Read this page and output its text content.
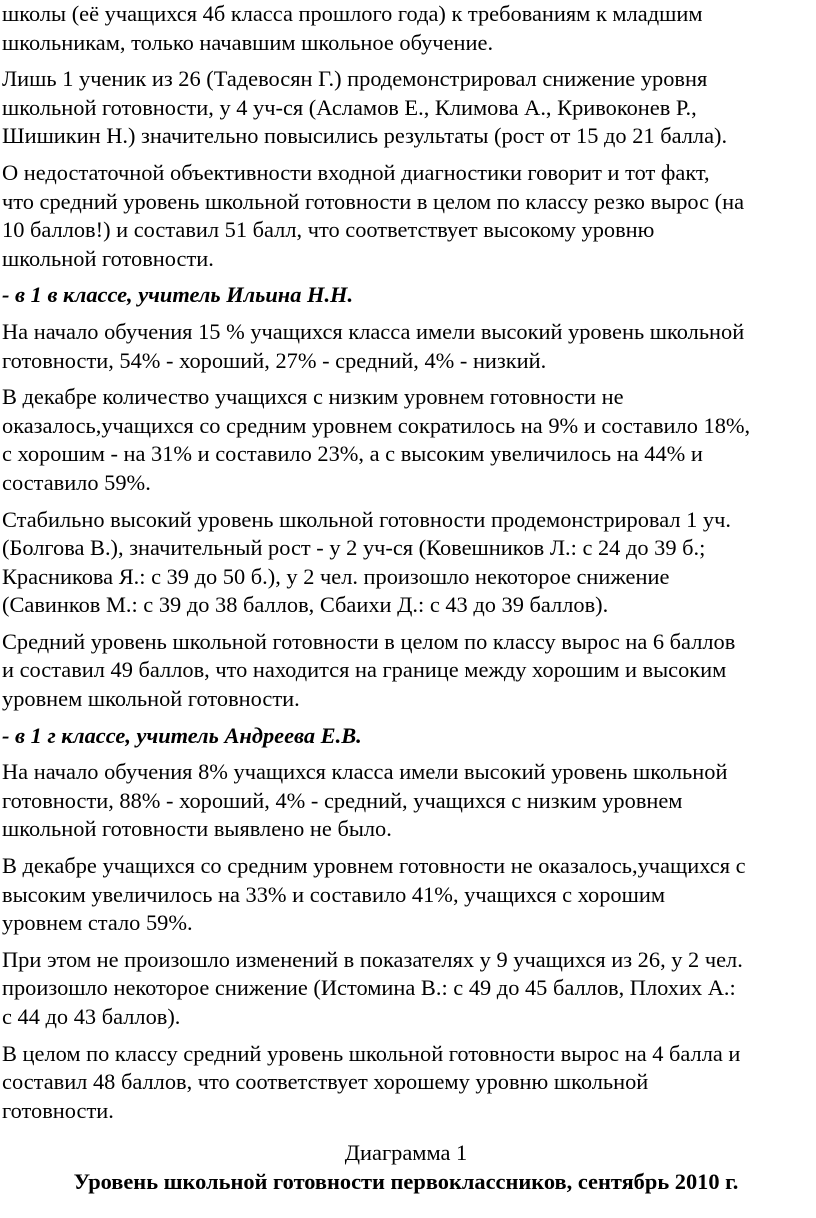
школы (её учащихся 4б класса прошлого года) к требованиям к младшим
школьникам, только начавшим школьное обучение.

Лишь 1 ученик из 26 (Тадевосян Г.) продемонстрировал снижение уровня
школьной готовности, у 4 уч-ся (Асламов Е., Климова А., Кривоконев Р.,
Шишикин Н.) значительно повысились результаты (рост от 15 до 21 балла).

О недостаточной объективности входной диагностики говорит и тот факт,
что средний уровень школьной готовности в целом по классу резко вырос (на
10 баллов!) и составил 51 балл, что соответствует высокому уровню
школьной готовности.

- в 1 в классе, учитель Ильина Н.Н.

На начало обучения 15 % учащихся класса имели высокий уровень школьной
готовности, 54% - хороший, 27% - средний, 4% - низкий.

В декабре количество учащихся с низким уровнем готовности не
оказалось,учащихся со средним уровнем сократилось на 9% и составило 18%,
с хорошим - на 31% и составило 23%, а с высоким увеличилось на 44% и
составило 59%.

Стабильно высокий уровень школьной готовности продемонстрировал 1 уч.
(Болгова В.), значительный рост - у 2 уч-ся (Ковешников Л.: с 24 до 39 б.;
Красникова Я.: с 39 до 50 б.), у 2 чел. произошло некоторое снижение
(Савинков М.: с 39 до 38 баллов, Сбаихи Д.: с 43 до 39 баллов).

Средний уровень школьной готовности в целом по классу вырос на 6 баллов
и составил 49 баллов, что находится на границе между хорошим и высоким
уровнем школьной готовности.

- в 1 г классе, учитель Андреева Е.В.

На начало обучения 8% учащихся класса имели высокий уровень школьной
готовности, 88% - хороший, 4% - средний, учащихся с низким уровнем
школьной готовности выявлено не было.

В декабре учащихся со средним уровнем готовности не оказалось,учащихся с
высоким увеличилось на 33% и составило 41%, учащихся с хорошим
уровнем стало 59%.

При этом не произошло изменений в показателях у 9 учащихся из 26, у 2 чел.
произошло некоторое снижение (Истомина В.: с 49 до 45 баллов, Плохих А.:
с 44 до 43 баллов).

В целом по классу средний уровень школьной готовности вырос на 4 балла и
составил 48 баллов, что соответствует хорошему уровню школьной
готовности.

Диаграмма 1

Уровень школьной готовности первоклассников, сентябрь 2010 г.
